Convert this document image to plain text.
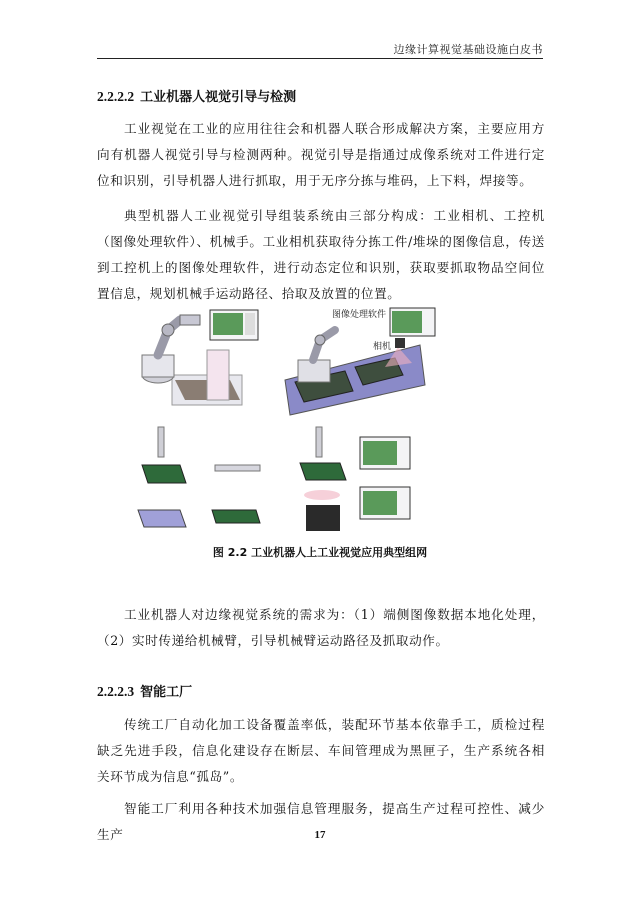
边缘计算视觉基础设施白皮书
2.2.2.2 工业机器人视觉引导与检测
工业视觉在工业的应用往往会和机器人联合形成解决方案，主要应用方向有机器人视觉引导与检测两种。视觉引导是指通过成像系统对工件进行定位和识别，引导机器人进行抓取，用于无序分拣与堆码，上下料，焊接等。
典型机器人工业视觉引导组装系统由三部分构成：工业相机、工控机（图像处理软件）、机械手。工业相机获取待分拣工件/堆垛的图像信息，传送到工控机上的图像处理软件，进行动态定位和识别，获取要抓取物品空间位置信息，规划机械手运动路径、拾取及放置的位置。
图像处理软件
相机
图 2.2 工业机器人上工业视觉应用典型组网
工业机器人对边缘视觉系统的需求为：（1）端侧图像数据本地化处理，（2）实时传递给机械臂，引导机械臂运动路径及抓取动作。
2.2.2.3 智能工厂
传统工厂自动化加工设备覆盖率低，装配环节基本依靠手工，质检过程缺乏先进手段，信息化建设存在断层、车间管理成为黑匣子，生产系统各相关环节成为信息“孤岛”。
智能工厂利用各种技术加强信息管理服务，提高生产过程可控性、减少生产	17
